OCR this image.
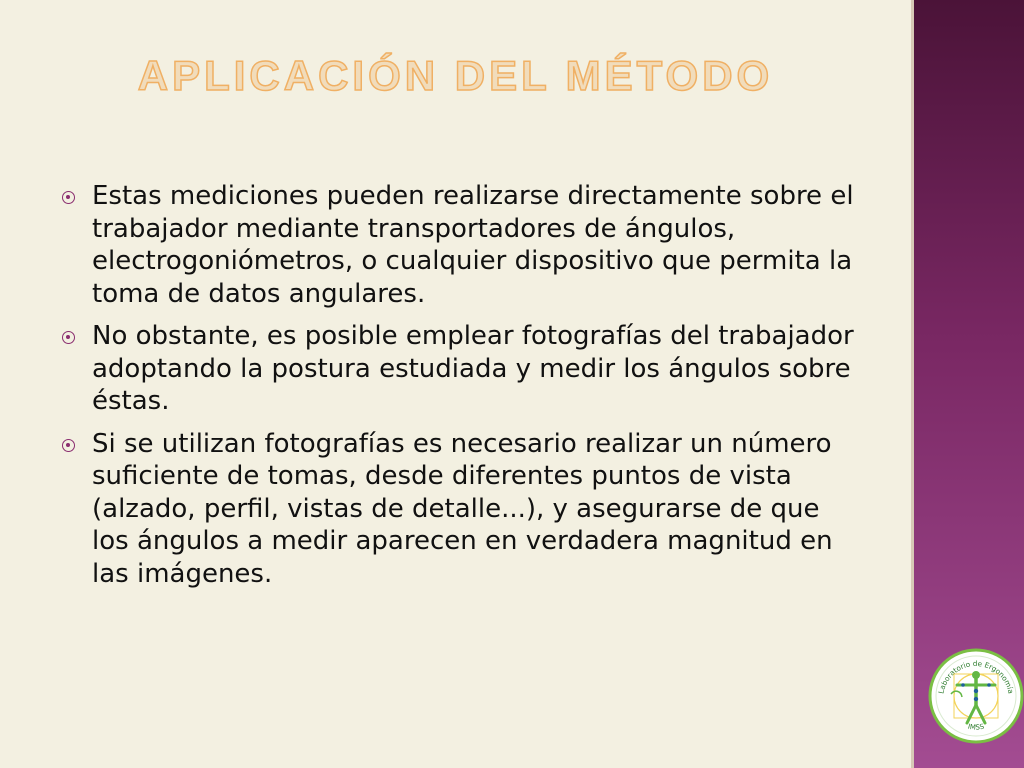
APLICACIÓN DEL MÉTODO
Estas mediciones pueden realizarse directamente sobre el trabajador mediante transportadores de ángulos, electrogoniómetros, o cualquier dispositivo que permita la toma de datos angulares.
No obstante, es posible emplear fotografías del trabajador adoptando la postura estudiada y medir los ángulos sobre éstas.
Si se utilizan fotografías es necesario realizar un número suficiente de tomas, desde diferentes puntos de vista (alzado, perfil, vistas de detalle...), y asegurarse de que los ángulos a medir aparecen en verdadera magnitud en las imágenes.
Laboratorio de Ergonomía
IMSS
